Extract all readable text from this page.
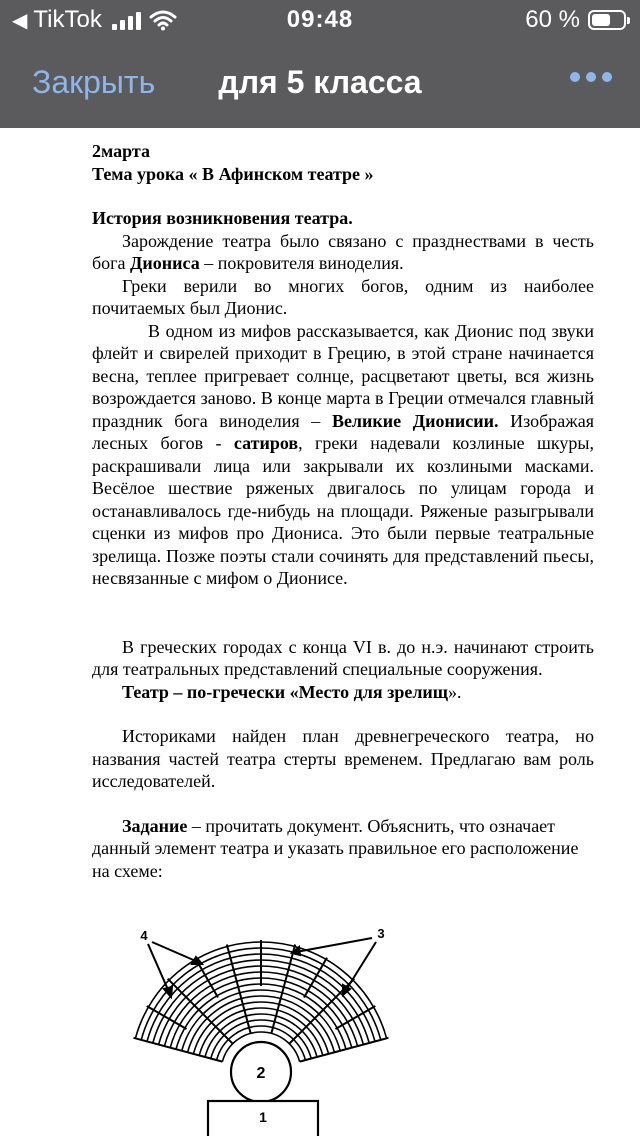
◀ TikTok	09:48	60 %
Закрыть	для 5 класса

2марта

Тема урока « В Афинском театре »

История возникновения театра.

Зарождение театра было связано с празднествами в честь бога Диониса – покровителя виноделия.

Греки верили во многих богов, одним из наиболее почитаемых был Дионис.

В одном из мифов рассказывается, как Дионис под звуки флейт и свирелей приходит в Грецию, в этой стране начинается весна, теплее пригревает солнце, расцветают цветы, вся жизнь возрождается заново. В конце марта в Греции отмечался главный праздник бога виноделия – Великие Дионисии. Изображая лесных богов - сатиров, греки надевали козлиные шкуры, раскрашивали лица или закрывали их козлиными масками. Весёлое шествие ряженых двигалось по улицам города и останавливалось где-нибудь на площади. Ряженые разыгрывали сценки из мифов про Диониса. Это были первые театральные зрелища. Позже поэты стали сочинять для представлений пьесы, несвязанные с мифом о Дионисе.

В греческих городах с конца VI в. до н.э. начинают строить для театральных представлений специальные сооружения.

Театр – по-гречески «Место для зрелищ».

Историками найден план древнегреческого театра, но названия частей театра стерты временем. Предлагаю вам роль исследователей.

Задание – прочитать документ. Объяснить, что означает данный элемент театра и указать правильное его расположение на схеме:

2
1
4	3
